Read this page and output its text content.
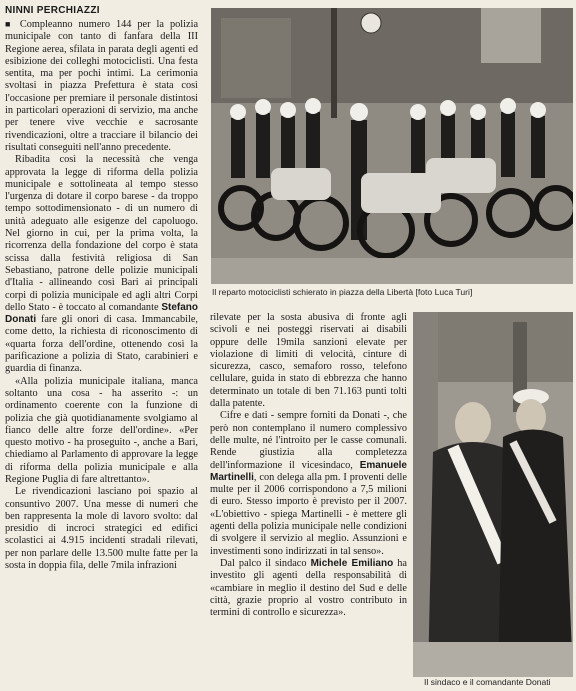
NINNI PERCHIAZZI

■ Compleanno numero 144 per la polizia municipale con tanto di fanfara della III Regione aerea, sfilata in parata degli agenti ed esibizione dei colleghi motociclisti. Una festa sentita, ma per pochi intimi. La cerimonia svoltasi in piazza Prefettura è stata così l'occasione per premiare il personale distintosi in particolari operazioni di servizio, ma anche per tenere vive vecchie e sacrosante rivendicazioni, oltre a tracciare il bilancio dei risultati conseguiti nell'anno precedente.

Ribadita così la necessità che venga approvata la legge di riforma della polizia municipale e sottolineata al tempo stesso l'urgenza di dotare il corpo barese - da troppo tempo sottodimensionato - di un numero di unità adeguato alle esigenze del capoluogo. Nel giorno in cui, per la prima volta, la ricorrenza della fondazione del corpo è stata scissa dalla festività religiosa di San Sebastiano, patrone delle polizie municipali d'Italia - allineando così Bari ai principali corpi di polizia municipale ed agli altri Corpi dello Stato - è toccato al comandante Stefano Donati fare gli onori di casa. Immancabile, come detto, la richiesta di riconoscimento di «quarta forza dell'ordine, ottenendo così la parificazione a polizia di Stato, carabinieri e guardia di finanza.

«Alla polizia municipale italiana, manca soltanto una cosa - ha asserito -: un ordinamento coerente con la funzione di polizia che già quotidianamente svolgiamo al fianco delle altre forze dell'ordine». «Per questo motivo - ha proseguito -, anche a Bari, chiediamo al Parlamento di approvare la legge di riforma della polizia municipale e alla Regione Puglia di fare altrettanto».

Le rivendicazioni lasciano poi spazio al consuntivo 2007. Una messe di numeri che ben rappresenta la mole di lavoro svolto: dal presidio di incroci strategici ed edifici scolastici ai 4.915 incidenti stradali rilevati, per non parlare delle 13.500 multe fatte per la sosta in doppia fila, delle 7mila infrazioni

Il reparto motociclisti schierato in piazza della Libertà [foto Luca Turi]

rilevate per la sosta abusiva di fronte agli scivoli e nei posteggi riservati ai disabili oppure delle 19mila sanzioni elevate per violazione di limiti di velocità, cinture di sicurezza, casco, semaforo rosso, telefono cellulare, guida in stato di ebbrezza che hanno determinato un totale di ben 71.163 punti tolti dalla patente.

Cifre e dati - sempre forniti da Donati -, che però non contemplano il numero complessivo delle multe, né l'introito per le casse comunali. Rende giustizia alla completezza dell'informazione il vicesindaco, Emanuele Martinelli, con delega alla pm. I proventi delle multe per il 2006 corrispondono a 7,5 milioni di euro. Stesso importo è previsto per il 2007. «L'obiettivo - spiega Martinelli - è mettere gli agenti della polizia municipale nelle condizioni di svolgere il servizio al meglio. Assunzioni e investimenti sono indirizzati in tal senso».

Dal palco il sindaco Michele Emiliano ha investito gli agenti della responsabilità di «cambiare in meglio il destino del Sud e delle città, grazie proprio al vostro contributo in termini di controllo e sicurezza».

Il sindaco e il comandante Donati
